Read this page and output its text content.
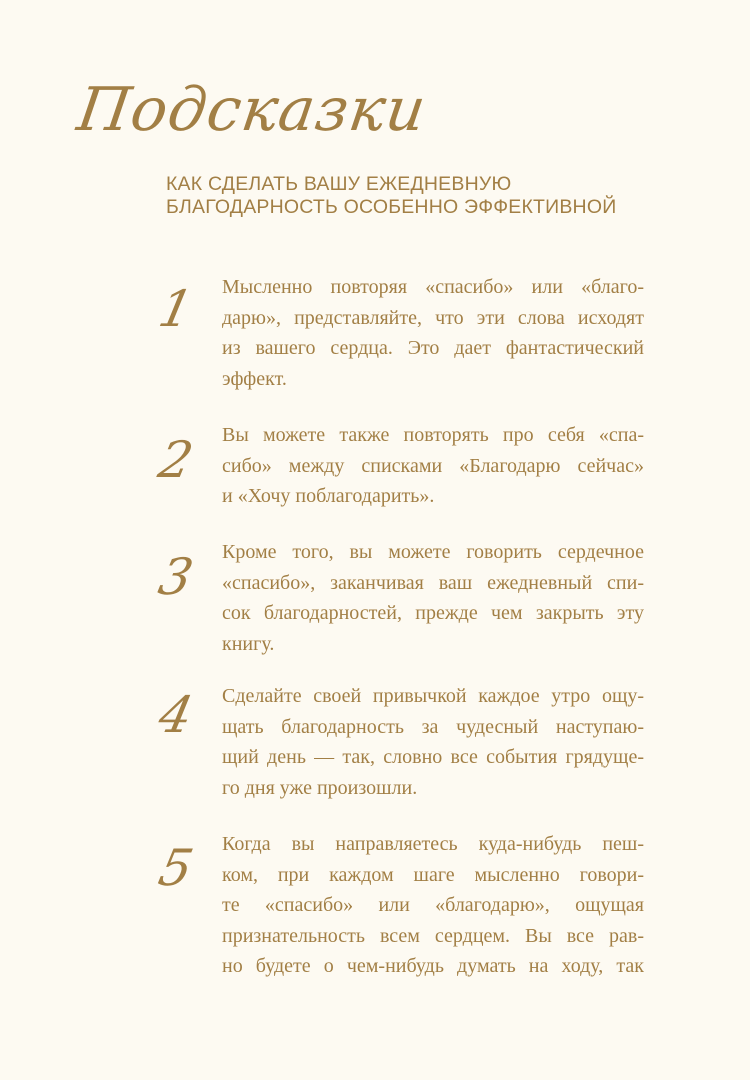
Подсказки
КАК СДЕЛАТЬ ВАШУ ЕЖЕДНЕВНУЮ
БЛАГОДАРНОСТЬ ОСОБЕННО ЭФФЕКТИВНОЙ
1 Мысленно повторяя «спасибо» или «благо-
дарю», представляйте, что эти слова исходят
из вашего сердца. Это дает фантастический
эффект.
2 Вы можете также повторять про себя «спа-
сибо» между списками «Благодарю сейчас»
и «Хочу поблагодарить».
3 Кроме того, вы можете говорить сердечное
«спасибо», заканчивая ваш ежедневный спи-
сок благодарностей, прежде чем закрыть эту
книгу.
4 Сделайте своей привычкой каждое утро ощу-
щать благодарность за чудесный наступаю-
щий день — так, словно все события грядуще-
го дня уже произошли.
5 Когда вы направляетесь куда-нибудь пеш-
ком, при каждом шаге мысленно говори-
те «спасибо» или «благодарю», ощущая
признательность всем сердцем. Вы все рав-
но будете о чем-нибудь думать на ходу, так
